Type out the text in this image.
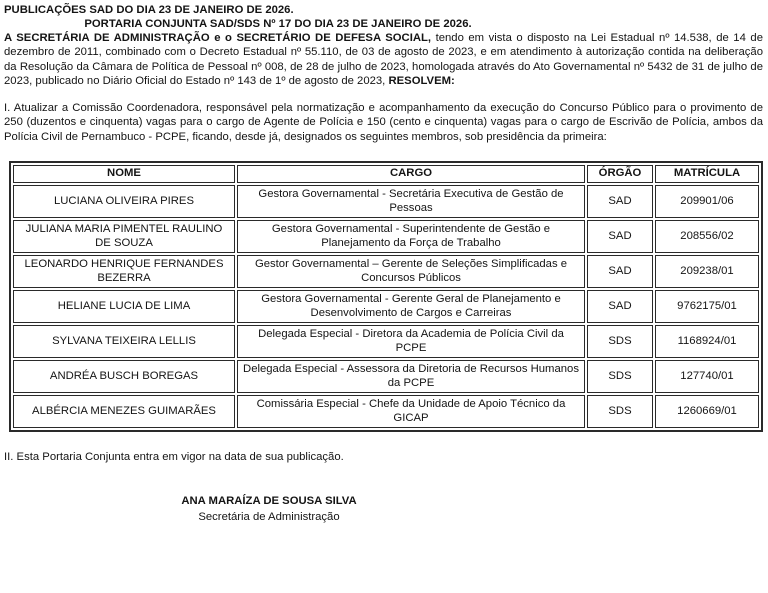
PUBLICAÇÕES SAD DO DIA 23 DE JANEIRO DE 2026.

PORTARIA CONJUNTA SAD/SDS Nº 17 DO DIA 23 DE JANEIRO DE 2026.

A SECRETÁRIA DE ADMINISTRAÇÃO e o SECRETÁRIO DE DEFESA SOCIAL, tendo em vista o disposto na Lei Estadual nº 14.538, de 14 de dezembro de 2011, combinado com o Decreto Estadual nº 55.110, de 03 de agosto de 2023, e em atendimento à autorização contida na deliberação da Resolução da Câmara de Política de Pessoal nº 008, de 28 de julho de 2023, homologada através do Ato Governamental nº 5432 de 31 de julho de 2023, publicado no Diário Oficial do Estado nº 143 de 1º de agosto de 2023, RESOLVEM:

I. Atualizar a Comissão Coordenadora, responsável pela normatização e acompanhamento da execução do Concurso Público para o provimento de 250 (duzentos e cinquenta) vagas para o cargo de Agente de Polícia e 150 (cento e cinquenta) vagas para o cargo de Escrivão de Polícia, ambos da Polícia Civil de Pernambuco - PCPE, ficando, desde já, designados os seguintes membros, sob presidência da primeira:

NOME	CARGO	ÓRGÃO	MATRÍCULA
LUCIANA OLIVEIRA PIRES	Gestora Governamental - Secretária Executiva de Gestão de Pessoas	SAD	209901/06
JULIANA MARIA PIMENTEL RAULINO DE SOUZA	Gestora Governamental - Superintendente de Gestão e Planejamento da Força de Trabalho	SAD	208556/02
LEONARDO HENRIQUE FERNANDES BEZERRA	Gestor Governamental – Gerente de Seleções Simplificadas e Concursos Públicos	SAD	209238/01
HELIANE LUCIA DE LIMA	Gestora Governamental - Gerente Geral de Planejamento e Desenvolvimento de Cargos e Carreiras	SAD	9762175/01
SYLVANA TEIXEIRA LELLIS	Delegada Especial - Diretora da Academia de Polícia Civil da PCPE	SDS	1168924/01
ANDRÉA BUSCH BOREGAS	Delegada Especial - Assessora da Diretoria de Recursos Humanos da PCPE	SDS	127740/01
ALBÉRCIA MENEZES GUIMARÃES	Comissária Especial - Chefe da Unidade de Apoio Técnico da GICAP	SDS	1260669/01

II. Esta Portaria Conjunta entra em vigor na data de sua publicação.

ANA MARAÍZA DE SOUSA SILVA
Secretária de Administração
